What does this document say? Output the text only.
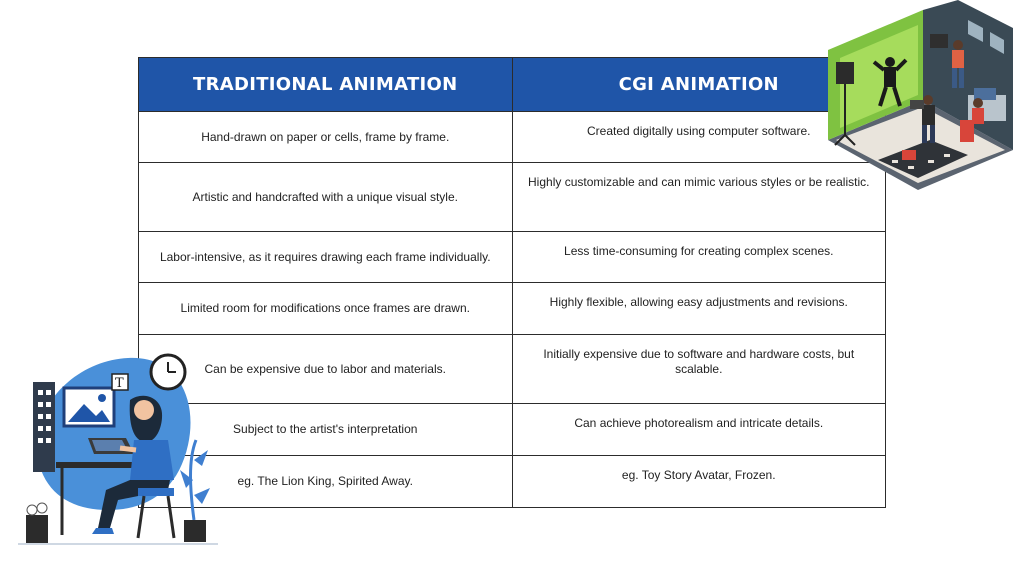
TRADITIONAL ANIMATION	CGI ANIMATION
Hand-drawn on paper or cells, frame by frame.	Created digitally using computer software.
Artistic and handcrafted with a unique visual style.	Highly customizable and can mimic various styles or be realistic.
Labor-intensive, as it requires drawing each frame individually.	Less time-consuming for creating complex scenes.
Limited room for modifications once frames are drawn.	Highly flexible, allowing easy adjustments and revisions.
Can be expensive due to labor and materials.	Initially expensive due to software and hardware costs, but scalable.
Subject to the artist's interpretation	Can achieve photorealism and intricate details.
eg. The Lion King, Spirited Away.	eg. Toy Story Avatar, Frozen.
T
